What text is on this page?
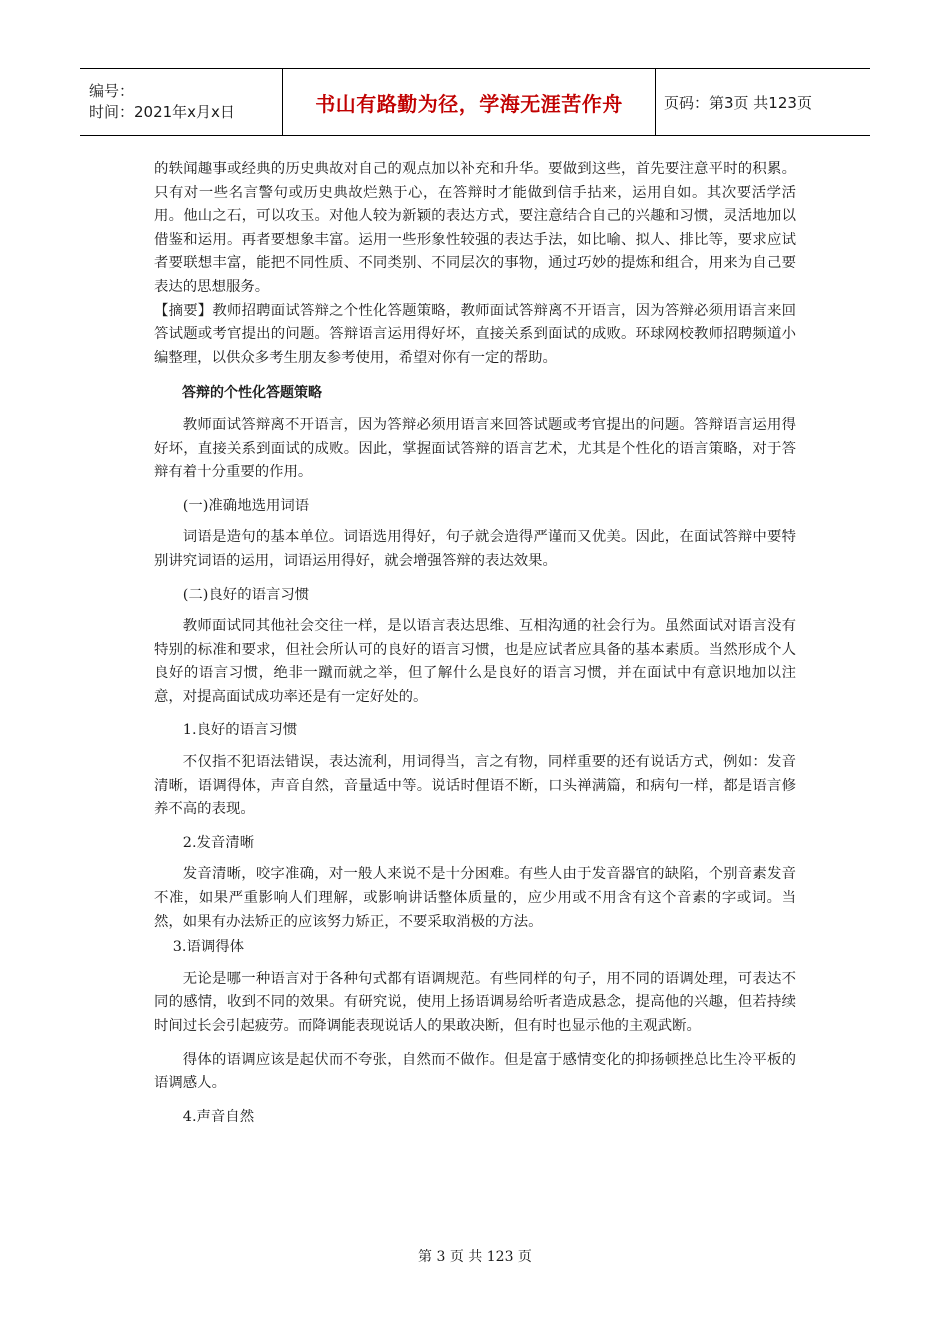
编号：
时间：2021年x月x日	书山有路勤为径，学海无涯苦作舟	页码：第3页 共123页

的轶闻趣事或经典的历史典故对自己的观点加以补充和升华。要做到这些，首先要注意平时的积累。只有对一些名言警句或历史典故烂熟于心，在答辩时才能做到信手拈来，运用自如。其次要活学活用。他山之石，可以攻玉。对他人较为新颖的表达方式，要注意结合自己的兴趣和习惯，灵活地加以借鉴和运用。再者要想象丰富。运用一些形象性较强的表达手法，如比喻、拟人、排比等，要求应试者要联想丰富，能把不同性质、不同类别、不同层次的事物，通过巧妙的提炼和组合，用来为自己要表达的思想服务。

【摘要】教师招聘面试答辩之个性化答题策略，教师面试答辩离不开语言，因为答辩必须用语言来回答试题或考官提出的问题。答辩语言运用得好坏，直接关系到面试的成败。环球网校教师招聘频道小编整理，以供众多考生朋友参考使用，希望对你有一定的帮助。

答辩的个性化答题策略

教师面试答辩离不开语言，因为答辩必须用语言来回答试题或考官提出的问题。答辩语言运用得好坏，直接关系到面试的成败。因此，掌握面试答辩的语言艺术，尤其是个性化的语言策略，对于答辩有着十分重要的作用。

(一)准确地选用词语

词语是造句的基本单位。词语选用得好，句子就会造得严谨而又优美。因此，在面试答辩中要特别讲究词语的运用，词语运用得好，就会增强答辩的表达效果。

(二)良好的语言习惯

教师面试同其他社会交往一样，是以语言表达思维、互相沟通的社会行为。虽然面试对语言没有特别的标准和要求，但社会所认可的良好的语言习惯，也是应试者应具备的基本素质。当然形成个人良好的语言习惯，绝非一蹴而就之举，但了解什么是良好的语言习惯，并在面试中有意识地加以注意，对提高面试成功率还是有一定好处的。

1.良好的语言习惯

不仅指不犯语法错误，表达流利，用词得当，言之有物，同样重要的还有说话方式，例如：发音清晰，语调得体，声音自然，音量适中等。说话时俚语不断，口头禅满篇，和病句一样，都是语言修养不高的表现。

2.发音清晰

发音清晰，咬字准确，对一般人来说不是十分困难。有些人由于发音器官的缺陷，个别音素发音不准，如果严重影响人们理解，或影响讲话整体质量的，应少用或不用含有这个音素的字或词。当然，如果有办法矫正的应该努力矫正，不要采取消极的方法。

3.语调得体

无论是哪一种语言对于各种句式都有语调规范。有些同样的句子，用不同的语调处理，可表达不同的感情，收到不同的效果。有研究说，使用上扬语调易给听者造成悬念，提高他的兴趣，但若持续时间过长会引起疲劳。而降调能表现说话人的果敢决断，但有时也显示他的主观武断。

得体的语调应该是起伏而不夸张，自然而不做作。但是富于感情变化的抑扬顿挫总比生冷平板的语调感人。

4.声音自然

第 3 页 共 123 页
